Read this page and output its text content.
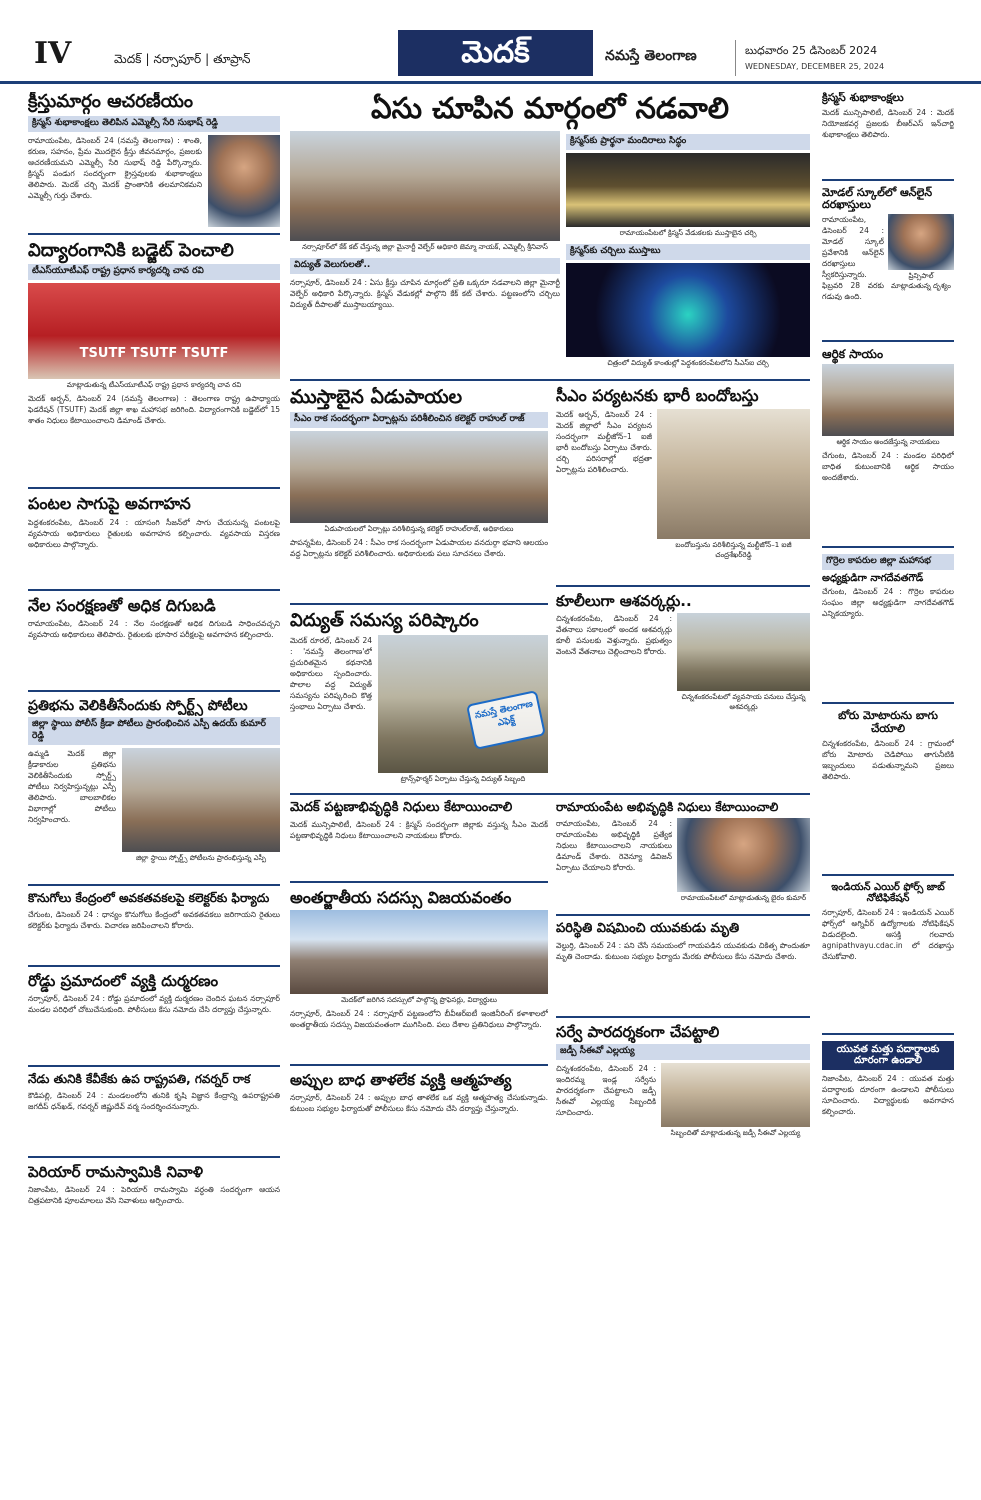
IV	మెదక్ | నర్సాపూర్ | తూప్రాన్	మెదక్	నమస్తే తెలంగాణ	బుధవారం 25 డిసెంబర్ 2024
WEDNESDAY, DECEMBER 25, 2024
క్రీస్తుమార్గం ఆచరణీయం
క్రిస్మస్ శుభాకాంక్షలు తెలిపిన ఎమ్మెల్సీ సేరి సుభాష్ రెడ్డి

రామాయంపేట, డిసెంబర్ 24 (నమస్తే తెలంగాణ) : శాంతి, కరుణ, సహనం, ప్రేమ మొదలైన క్రీస్తు జీవనమార్గం, ప్రజలకు ఆచరణీయమని ఎమ్మెల్సీ సేరి సుభాష్ రెడ్డి పేర్కొన్నారు. క్రిస్మస్ పండుగ సందర్భంగా క్రైస్తవులకు శుభాకాంక్షలు తెలిపారు. మెదక్ చర్చి మెదక్ ప్రాంతానికి తలమానికమని ఎమ్మెల్సీ గుర్తు చేశారు.

విద్యారంగానికి బడ్జెట్ పెంచాలి
టీఎస్‌యూటీఎఫ్ రాష్ట్ర ప్రధాన కార్యదర్శి చావ రవి
TSUTF TSUTF TSUTF
మాట్లాడుతున్న టీఎస్‌యూటీఎఫ్ రాష్ట్ర ప్రధాన కార్యదర్శి చావ రవి

మెదక్ అర్బన్, డిసెంబర్ 24 (నమస్తే తెలంగాణ) : తెలంగాణ రాష్ట్ర ఉపాధ్యాయ ఫెడరేషన్ (TSUTF) మెదక్ జిల్లా శాఖ మహాసభ జరిగింది. విద్యారంగానికి బడ్జెట్‌లో 15 శాతం నిధులు కేటాయించాలని డిమాండ్ చేశారు.

పంటల సాగుపై అవగాహన

పెద్దశంకరంపేట, డిసెంబర్ 24 : యాసంగి సీజన్‌లో సాగు చేయనున్న పంటలపై వ్యవసాయ అధికారులు రైతులకు అవగాహన కల్పించారు. వ్యవసాయ విస్తరణ అధికారులు పాల్గొన్నారు.

నేల సంరక్షణతో అధిక దిగుబడి

రామాయంపేట, డిసెంబర్ 24 : నేల సంరక్షణతో అధిక దిగుబడి సాధించవచ్చని వ్యవసాయ అధికారులు తెలిపారు. రైతులకు భూసార పరీక్షలపై అవగాహన కల్పించారు.

ప్రతిభను వెలికితీసేందుకు స్పోర్ట్స్ పోటీలు
జిల్లా స్థాయి పోలీస్ క్రీడా పోటీలు ప్రారంభించిన ఎస్పీ ఉదయ్ కుమార్ రెడ్డి

ఉమ్మడి మెదక్ జిల్లా క్రీడాకారుల ప్రతిభను వెలికితీసేందుకు స్పోర్ట్స్ పోటీలు నిర్వహిస్తున్నట్లు ఎస్పీ తెలిపారు. బాలబాలికల విభాగాల్లో పోటీలు నిర్వహించారు.

జిల్లా స్థాయి స్పోర్ట్స్ పోటీలను ప్రారంభిస్తున్న ఎస్పీ
కొనుగోలు కేంద్రంలో అవకతవకలపై కలెక్టర్‌కు ఫిర్యాదు

చేగుంట, డిసెంబర్ 24 : ధాన్యం కొనుగోలు కేంద్రంలో అవకతవకలు జరిగాయని రైతులు కలెక్టర్‌కు ఫిర్యాదు చేశారు. విచారణ జరిపించాలని కోరారు.

రోడ్డు ప్రమాదంలో వ్యక్తి దుర్మరణం

నర్సాపూర్, డిసెంబర్ 24 : రోడ్డు ప్రమాదంలో వ్యక్తి దుర్మరణం చెందిన ఘటన నర్సాపూర్ మండల పరిధిలో చోటుచేసుకుంది. పోలీసులు కేసు నమోదు చేసి దర్యాప్తు చేస్తున్నారు.

నేడు తునికి కేవీకేకు ఉప రాష్ట్రపతి, గవర్నర్ రాక

కౌడిపల్లి, డిసెంబర్ 24 : మండలంలోని తునికి కృషి విజ్ఞాన కేంద్రాన్ని ఉపరాష్ట్రపతి జగదీప్ ధన్‌ఖడ్, గవర్నర్ జిష్ణుదేవ్ వర్మ సందర్శించనున్నారు.

పెరియార్ రామస్వామికి నివాళి

నిజాంపేట, డిసెంబర్ 24 : పెరియార్ రామస్వామి వర్ధంతి సందర్భంగా ఆయన చిత్రపటానికి పూలమాలలు వేసి నివాళులు అర్పించారు.

ఏసు చూపిన మార్గంలో నడవాలి
నర్సాపూర్‌లో కేక్ కట్ చేస్తున్న జిల్లా మైనార్టీ వెల్ఫేర్ అధికారి జెమ్మా నాయక్, ఎమ్మెల్సీ శ్రీనివాస్
విద్యుత్ వెలుగులతో..

నర్సాపూర్, డిసెంబర్ 24 : ఏసు క్రీస్తు చూపిన మార్గంలో ప్రతి ఒక్కరూ నడవాలని జిల్లా మైనార్టీ వెల్ఫేర్ అధికారి పేర్కొన్నారు. క్రిస్మస్ వేడుకల్లో పాల్గొని కేక్ కట్ చేశారు. పట్టణంలోని చర్చిలు విద్యుత్ దీపాలతో ముస్తాబయ్యాయి.

క్రిస్మస్‌కు ప్రార్థనా మందిరాలు సిద్ధం
రామాయంపేటలో క్రిస్మస్ వేడుకలకు ముస్తాబైన చర్చి
క్రిస్మస్‌కు చర్చిలు ముస్తాబు
చిత్రంలో విద్యుత్ కాంతుల్లో పెద్దశంకరంపేటలోని సీఎస్ఐ చర్చి
ముస్తాబైన ఏడుపాయల
సీఎం రాక సందర్భంగా ఏర్పాట్లను పరిశీలించిన కలెక్టర్ రాహుల్ రాజ్
ఏడుపాయలలో ఏర్పాట్లు పరిశీలిస్తున్న కలెక్టర్ రాహుల్‌రాజ్, అధికారులు

పాపన్నపేట, డిసెంబర్ 24 : సీఎం రాక సందర్భంగా ఏడుపాయల వనదుర్గా భవాని ఆలయం వద్ద ఏర్పాట్లను కలెక్టర్ పరిశీలించారు. అధికారులకు పలు సూచనలు చేశారు.

విద్యుత్ సమస్య పరిష్కారం

మెదక్ రూరల్, డిసెంబర్ 24 : 'నమస్తే తెలంగాణ'లో ప్రచురితమైన కథనానికి అధికారులు స్పందించారు. పొలాల వద్ద విద్యుత్ సమస్యను పరిష్కరించి కొత్త స్తంభాలు ఏర్పాటు చేశారు.	నమస్తే తెలంగాణ ఎఫెక్ట్
ట్రాన్స్‌ఫార్మర్ ఏర్పాటు చేస్తున్న విద్యుత్ సిబ్బంది
సీఎం పర్యటనకు భారీ బందోబస్తు

మెదక్ అర్బన్, డిసెంబర్ 24 : మెదక్ జిల్లాలో సీఎం పర్యటన సందర్భంగా మల్టీజోన్–1 ఐజీ భారీ బందోబస్తు ఏర్పాటు చేశారు. చర్చి పరిసరాల్లో భద్రతా ఏర్పాట్లను పరిశీలించారు.

బందోబస్తును పరిశీలిస్తున్న మల్టీజోన్–1 ఐజీ చంద్రశేఖర్‌రెడ్డి
కూలీలుగా ఆశవర్కర్లు..

చిన్నశంకరంపేట, డిసెంబర్ 24 : వేతనాలు సకాలంలో అందక ఆశవర్కర్లు కూలీ పనులకు వెళ్తున్నారు. ప్రభుత్వం వెంటనే వేతనాలు చెల్లించాలని కోరారు.

చిన్నశంకరంపేటలో వ్యవసాయ పనులు చేస్తున్న ఆశవర్కర్లు
మెదక్ పట్టణాభివృద్ధికి నిధులు కేటాయించాలి

మెదక్ మున్సిపాలిటీ, డిసెంబర్ 24 : క్రిస్మస్ సందర్భంగా జిల్లాకు వస్తున్న సీఎం మెదక్ పట్టణాభివృద్ధికి నిధులు కేటాయించాలని నాయకులు కోరారు.

అంతర్జాతీయ సదస్సు విజయవంతం
మెదక్‌లో జరిగిన సదస్సులో పాల్గొన్న ప్రొఫెసర్లు, విద్యార్థులు

నర్సాపూర్, డిసెంబర్ 24 : నర్సాపూర్ పట్టణంలోని బీవీఆర్ఐటీ ఇంజినీరింగ్ కళాశాలలో అంతర్జాతీయ సదస్సు విజయవంతంగా ముగిసింది. పలు దేశాల ప్రతినిధులు పాల్గొన్నారు.

అప్పుల బాధ తాళలేక వ్యక్తి ఆత్మహత్య

నర్సాపూర్, డిసెంబర్ 24 : అప్పుల బాధ తాళలేక ఒక వ్యక్తి ఆత్మహత్య చేసుకున్నాడు. కుటుంబ సభ్యుల ఫిర్యాదుతో పోలీసులు కేసు నమోదు చేసి దర్యాప్తు చేస్తున్నారు.

రామాయంపేట అభివృద్ధికి నిధులు కేటాయించాలి

రామాయంపేట, డిసెంబర్ 24 : రామాయంపేట అభివృద్ధికి ప్రత్యేక నిధులు కేటాయించాలని నాయకులు డిమాండ్ చేశారు. రెవెన్యూ డివిజన్ ఏర్పాటు చేయాలని కోరారు.

రామాయంపేటలో మాట్లాడుతున్న బైరం కుమార్
పరిస్థితి విషమించి యువకుడు మృతి

వెల్దుర్తి, డిసెంబర్ 24 : పని చేసే సమయంలో గాయపడిన యువకుడు చికిత్స పొందుతూ మృతి చెందాడు. కుటుంబ సభ్యుల ఫిర్యాదు మేరకు పోలీసులు కేసు నమోదు చేశారు.

సర్వే పారదర్శకంగా చేపట్టాలి
జడ్పీ సీఈవో ఎల్లయ్య

చిన్నశంకరంపేట, డిసెంబర్ 24 : ఇందిరమ్మ ఇండ్ల సర్వేను పారదర్శకంగా చేపట్టాలని జడ్పీ సీఈవో ఎల్లయ్య సిబ్బందికి సూచించారు.

సిబ్బందితో మాట్లాడుతున్న జడ్పీ సీఈవో ఎల్లయ్య
క్రిస్మస్ శుభాకాంక్షలు

మెదక్ మున్సిపాలిటీ, డిసెంబర్ 24 : మెదక్ నియోజకవర్గ ప్రజలకు బీఆర్ఎస్ ఇన్‌చార్జి శుభాకాంక్షలు తెలిపారు.

మోడల్ స్కూల్‌లో ఆన్‌లైన్ దరఖాస్తులు

రామాయంపేట, డిసెంబర్ 24 : మోడల్ స్కూల్ ప్రవేశానికి ఆన్‌లైన్ దరఖాస్తులు స్వీకరిస్తున్నారు. ఫిబ్రవరి 28 వరకు గడువు ఉంది.

ప్రిన్సిపాల్ మాట్లాడుతున్న దృశ్యం
ఆర్థిక సాయం
ఆర్థిక సాయం అందజేస్తున్న నాయకులు

చేగుంట, డిసెంబర్ 24 : మండల పరిధిలో బాధిత కుటుంబానికి ఆర్థిక సాయం అందజేశారు.

గొర్రెల కాపరుల జిల్లా మహాసభ
అధ్యక్షుడిగా నాగదేవతగౌడ్

చేగుంట, డిసెంబర్ 24 : గొర్రెల కాపరుల సంఘం జిల్లా అధ్యక్షుడిగా నాగదేవతగౌడ్ ఎన్నికయ్యారు.

బోరు మోటారును బాగు చేయాలి

చిన్నశంకరంపేట, డిసెంబర్ 24 : గ్రామంలో బోరు మోటారు చెడిపోయి తాగునీటికి ఇబ్బందులు పడుతున్నామని ప్రజలు తెలిపారు.

ఇండియన్ ఎయిర్ ఫోర్స్ జాబ్ నోటిఫికేషన్

నర్సాపూర్, డిసెంబర్ 24 : ఇండియన్ ఎయిర్ ఫోర్స్‌లో అగ్నివీర్ ఉద్యోగాలకు నోటిఫికేషన్ విడుదలైంది. ఆసక్తి గలవారు agnipathvayu.cdac.in లో దరఖాస్తు చేసుకోవాలి.

యువత మత్తు పదార్థాలకు దూరంగా ఉండాలి

నిజాంపేట, డిసెంబర్ 24 : యువత మత్తు పదార్థాలకు దూరంగా ఉండాలని పోలీసులు సూచించారు. విద్యార్థులకు అవగాహన కల్పించారు.
